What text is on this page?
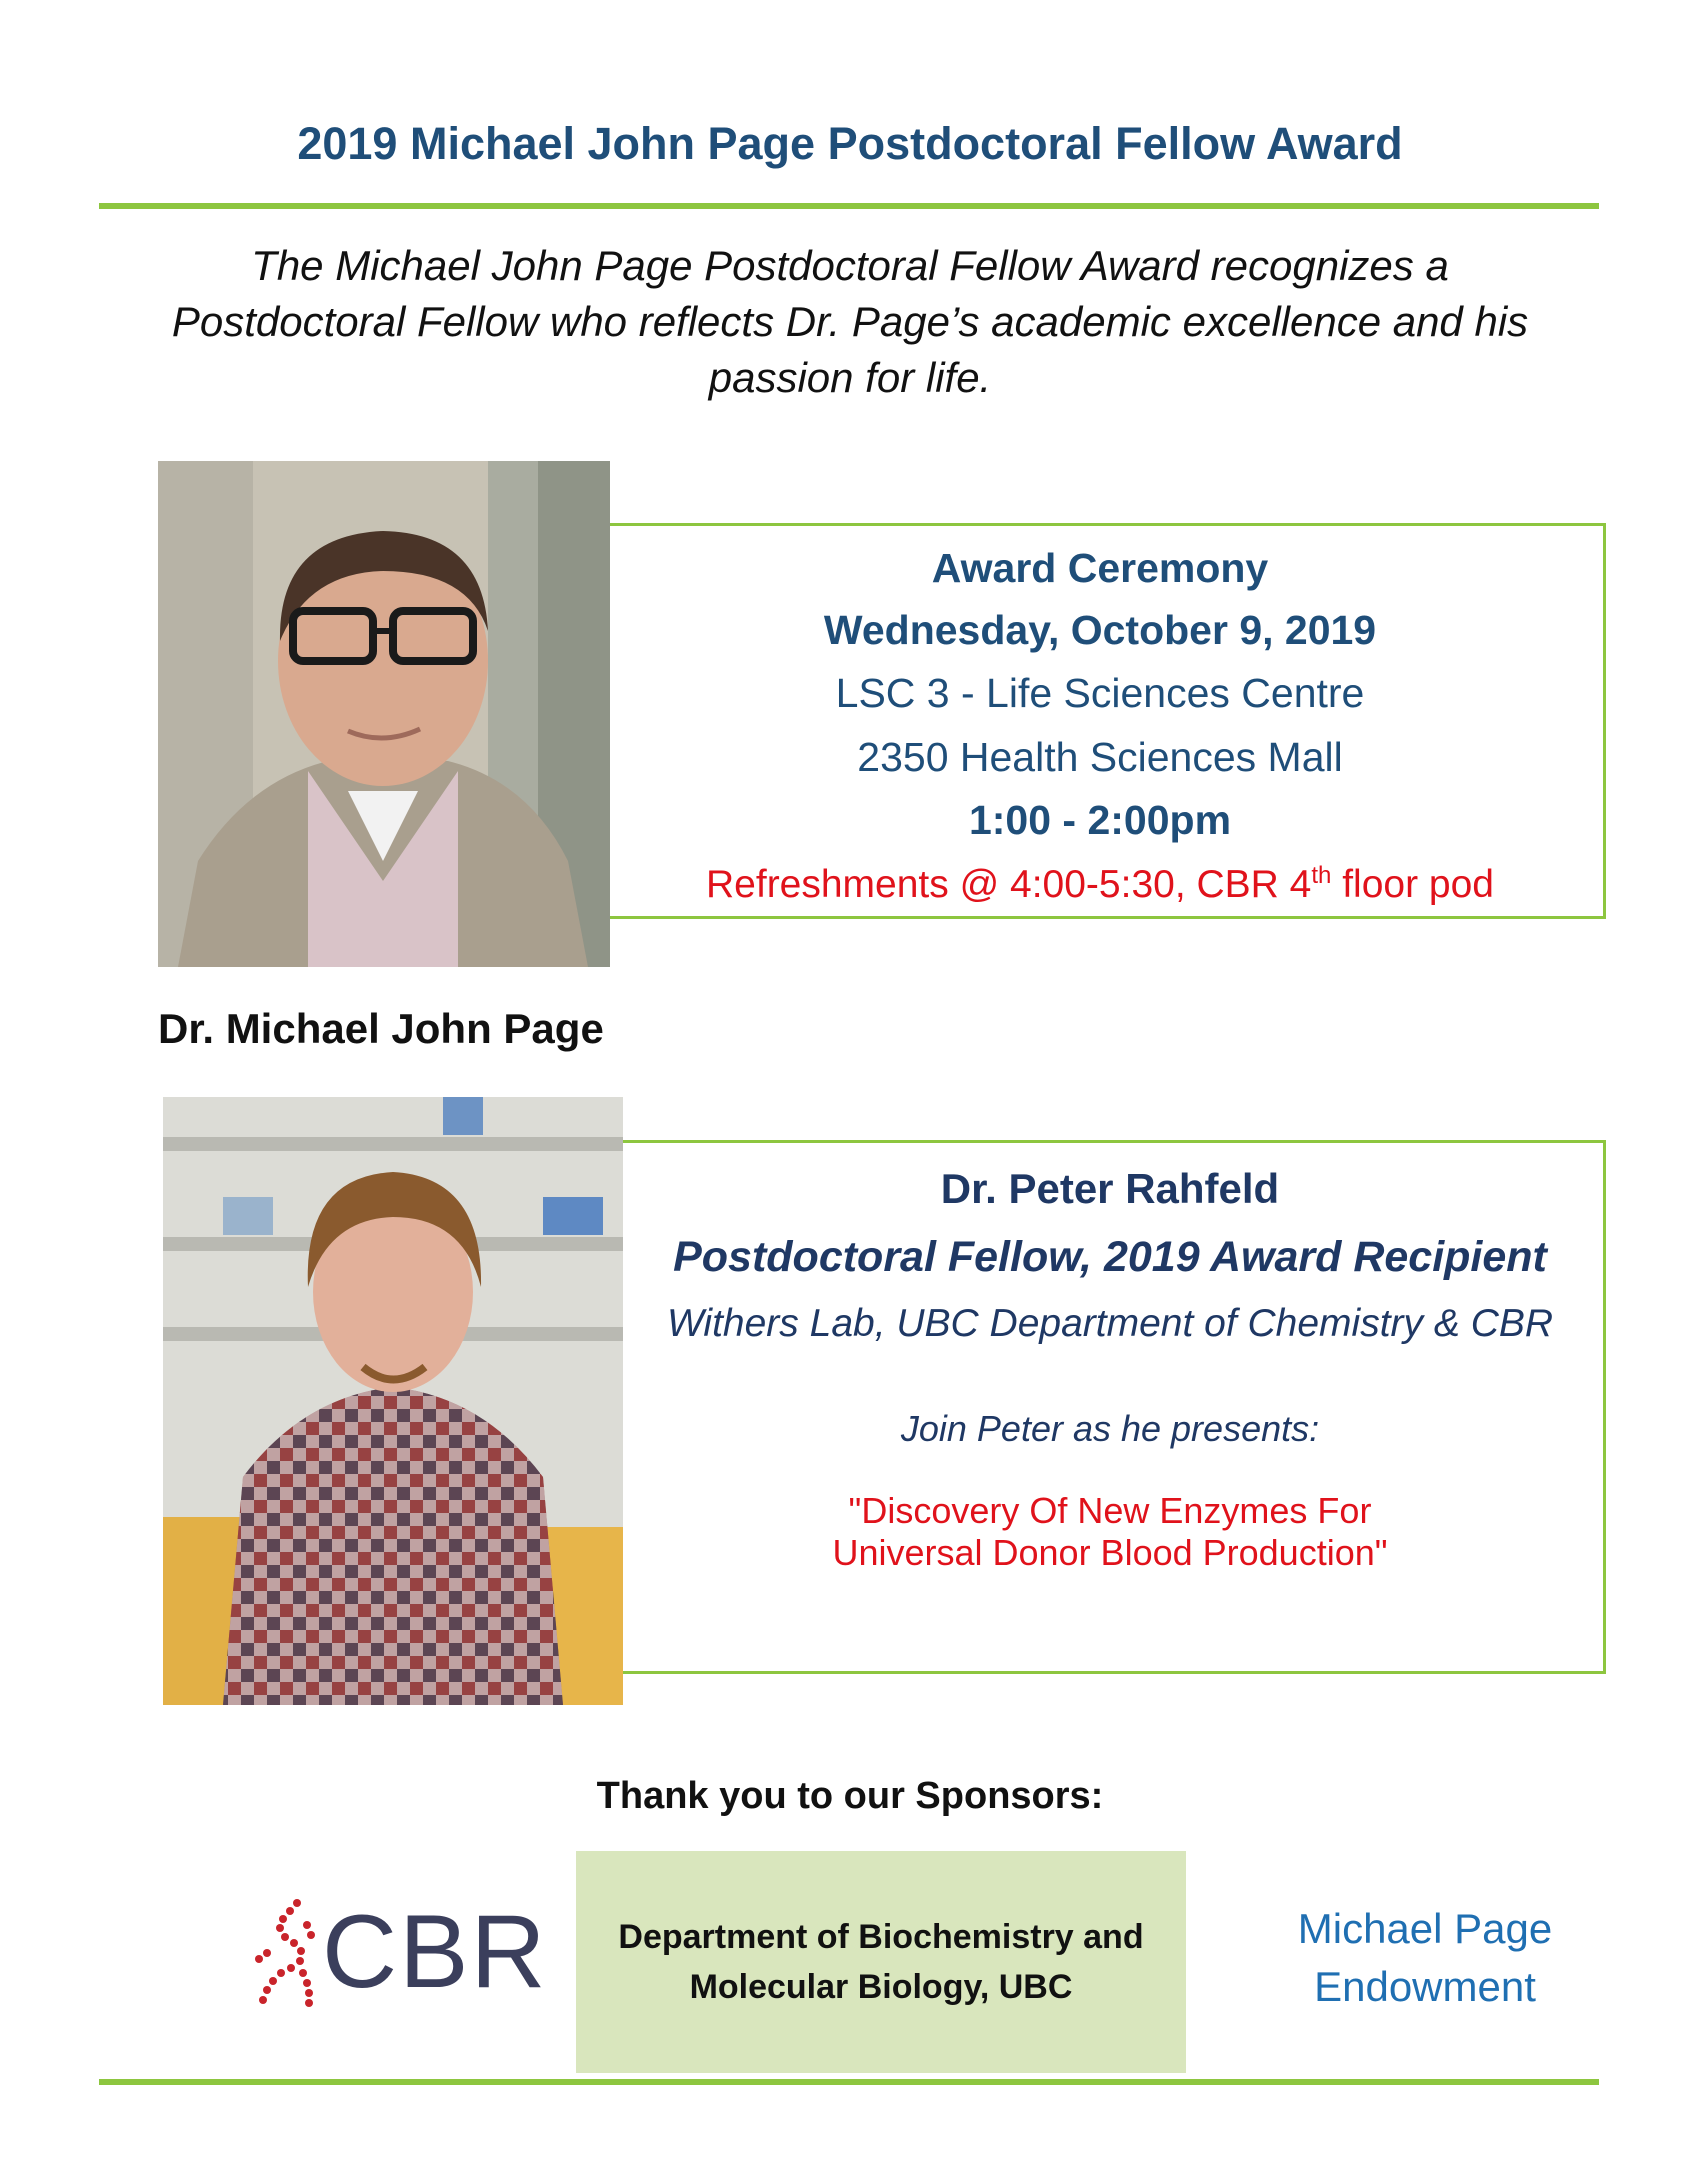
2019 Michael John Page Postdoctoral Fellow Award
The Michael John Page Postdoctoral Fellow Award recognizes a
Postdoctoral Fellow who reflects Dr. Page’s academic excellence and his
passion for life.
Award Ceremony
Wednesday, October 9, 2019
LSC 3 - Life Sciences Centre
2350 Health Sciences Mall
1:00 - 2:00pm
Refreshments @ 4:00-5:30, CBR 4th floor pod
Dr. Michael John Page
Dr. Peter Rahfeld
Postdoctoral Fellow, 2019 Award Recipient
Withers Lab, UBC Department of Chemistry & CBR
Join Peter as he presents:
"Discovery Of New Enzymes For
Universal Donor Blood Production"
Thank you to our Sponsors:
CBR Department of Biochemistry and
Molecular Biology, UBC
Michael Page
Endowment
